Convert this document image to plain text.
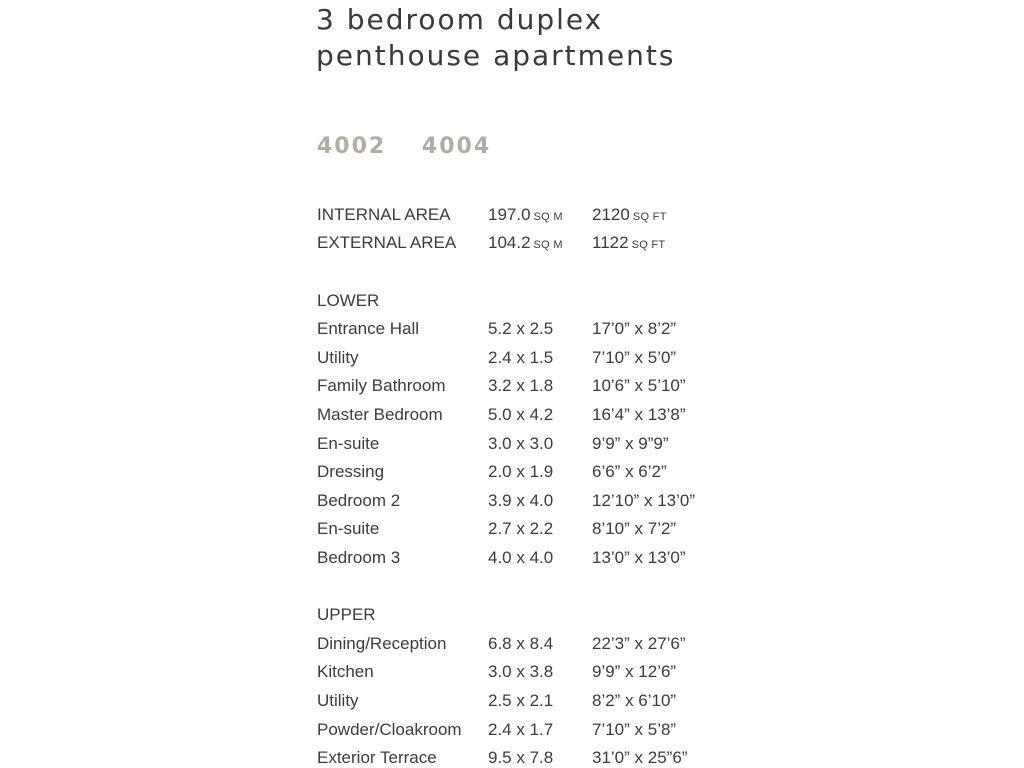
3 bedroom duplex
penthouse apartments
4002 4004
INTERNAL AREA 197.0 SQ M 2120 SQ FT
EXTERNAL AREA 104.2 SQ M 1122 SQ FT
LOWER
Entrance Hall	5.2 x 2.5 17’0” x 8’2”
Utility	2.4 x 1.5 7’10” x 5’0”
Family Bathroom	3.2 x 1.8 10’6” x 5’10”
Master Bedroom	5.0 x 4.2 16’4” x 13’8”
En-suite	3.0 x 3.0 9’9” x 9”9”
Dressing	2.0 x 1.9 6’6” x 6’2”
Bedroom 2	3.9 x 4.0 12’10” x 13’0”
En-suite	2.7 x 2.2 8’10” x 7’2”
Bedroom 3	4.0 x 4.0 13’0” x 13’0”
UPPER
Dining/Reception 6.8 x 8.4 22’3” x 27’6”
Kitchen	3.0 x 3.8 9’9” x 12’6”
Utility	2.5 x 2.1 8’2” x 6’10”
Powder/Cloakroom 2.4 x 1.7 7’10” x 5’8”
Exterior Terrace	9.5 x 7.8 31’0” x 25”6”
